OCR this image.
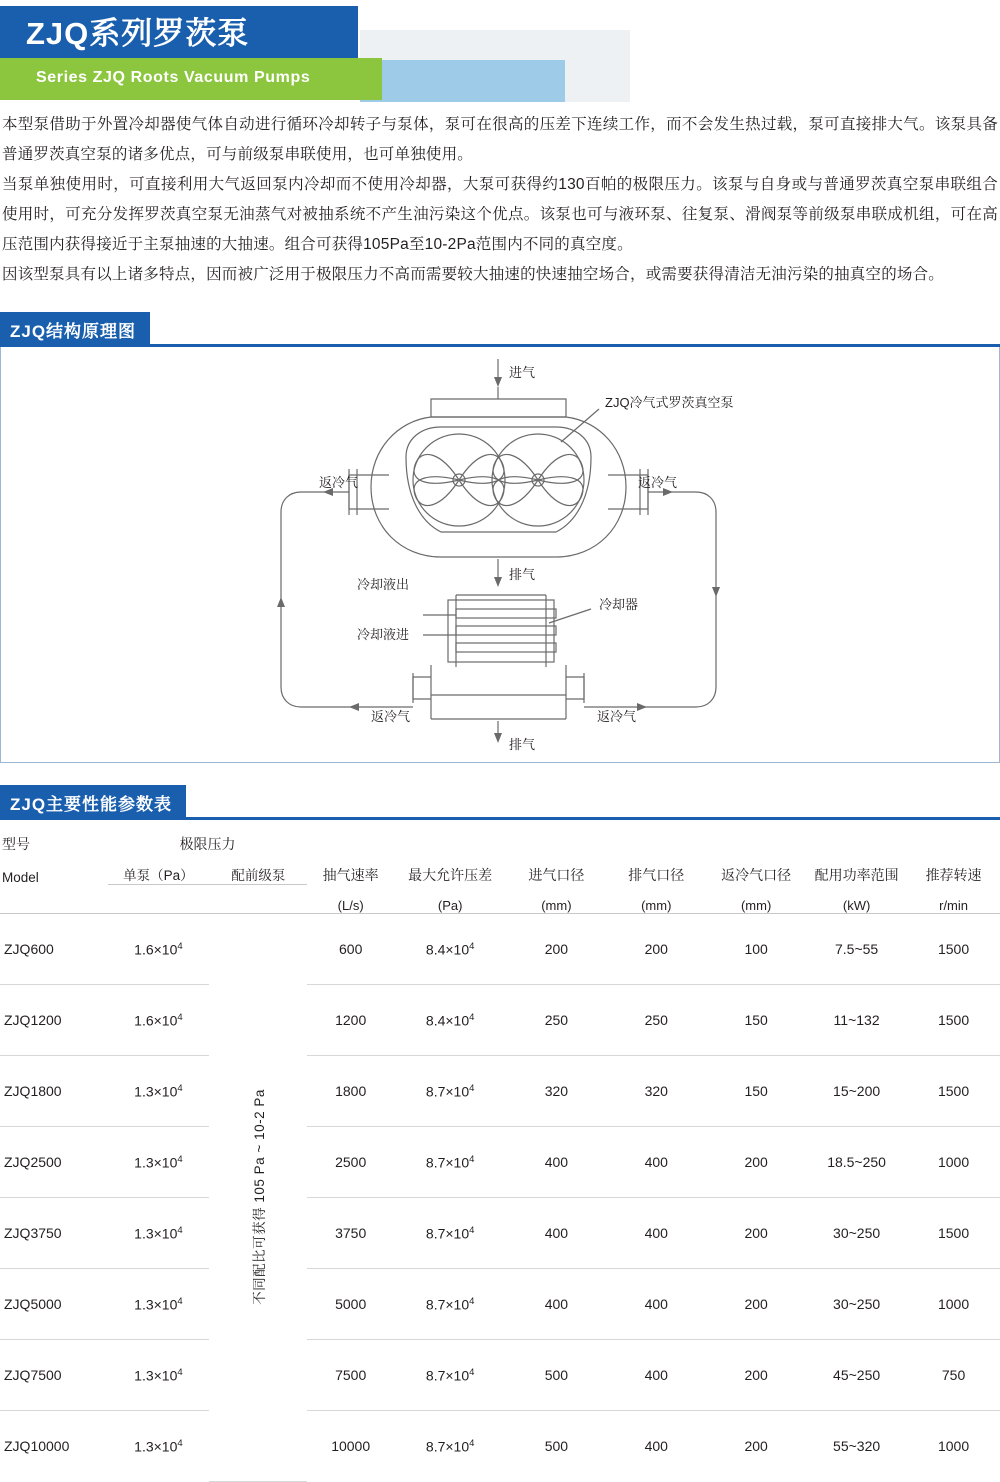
ZJQ系列罗茨泵
Series ZJQ Roots Vacuum Pumps

本型泵借助于外置冷却器使气体自动进行循环冷却转子与泵体，泵可在很高的压差下连续工作，而不会发生热过载，泵可直接排大气。该泵具备普通罗茨真空泵的诸多优点，可与前级泵串联使用，也可单独使用。

当泵单独使用时，可直接利用大气返回泵内冷却而不使用冷却器，大泵可获得约130百帕的极限压力。该泵与自身或与普通罗茨真空泵串联组合使用时，可充分发挥罗茨真空泵无油蒸气对被抽系统不产生油污染这个优点。该泵也可与液环泵、往复泵、滑阀泵等前级泵串联成机组，可在高压范围内获得接近于主泵抽速的大抽速。组合可获得105Pa至10-2Pa范围内不同的真空度。

因该型泵具有以上诸多特点，因而被广泛用于极限压力不高而需要较大抽速的快速抽空场合，或需要获得清洁无油污染的抽真空的场合。

ZJQ结构原理图
进气
ZJQ冷气式罗茨真空泵
返冷气	返冷气
排气
冷却液出
冷却液进
冷却器
返冷气	返冷气
排气
ZJQ主要性能参数表
型号	极限压力		抽气速率	最大允许压差	进气口径	排气口径	返冷气口径	配用功率范围	推荐转速
Model	单泵（Pa）	配前级泵							
			(L/s)	(Pa)	(mm)	(mm)	(mm)	(kW)	r/min
ZJQ600	$1.6\times 10^4$	不同配比可获得 105 Pa ~ 10-2 Pa	600	$8.4\times 10^4$	200	200	100	7.5~55	1500
ZJQ1200	$1.6\times 10^4$		1200	$8.4\times 10^4$	250	250	150	11~132	1500
ZJQ1800	$1.3\times 10^4$		1800	$8.7\times 10^4$	320	320	150	15~200	1500
ZJQ2500	$1.3\times 10^4$		2500	$8.7\times 10^4$	400	400	200	18.5~250	1000
ZJQ3750	$1.3\times 10^4$		3750	$8.7\times 10^4$	400	400	200	30~250	1500
ZJQ5000	$1.3\times 10^4$		5000	$8.7\times 10^4$	400	400	200	30~250	1000
ZJQ7500	$1.3\times 10^4$		7500	$8.7\times 10^4$	500	400	200	45~250	750
ZJQ10000	$1.3\times 10^4$		10000	$8.7\times 10^4$	500	400	200	55~320	1000
